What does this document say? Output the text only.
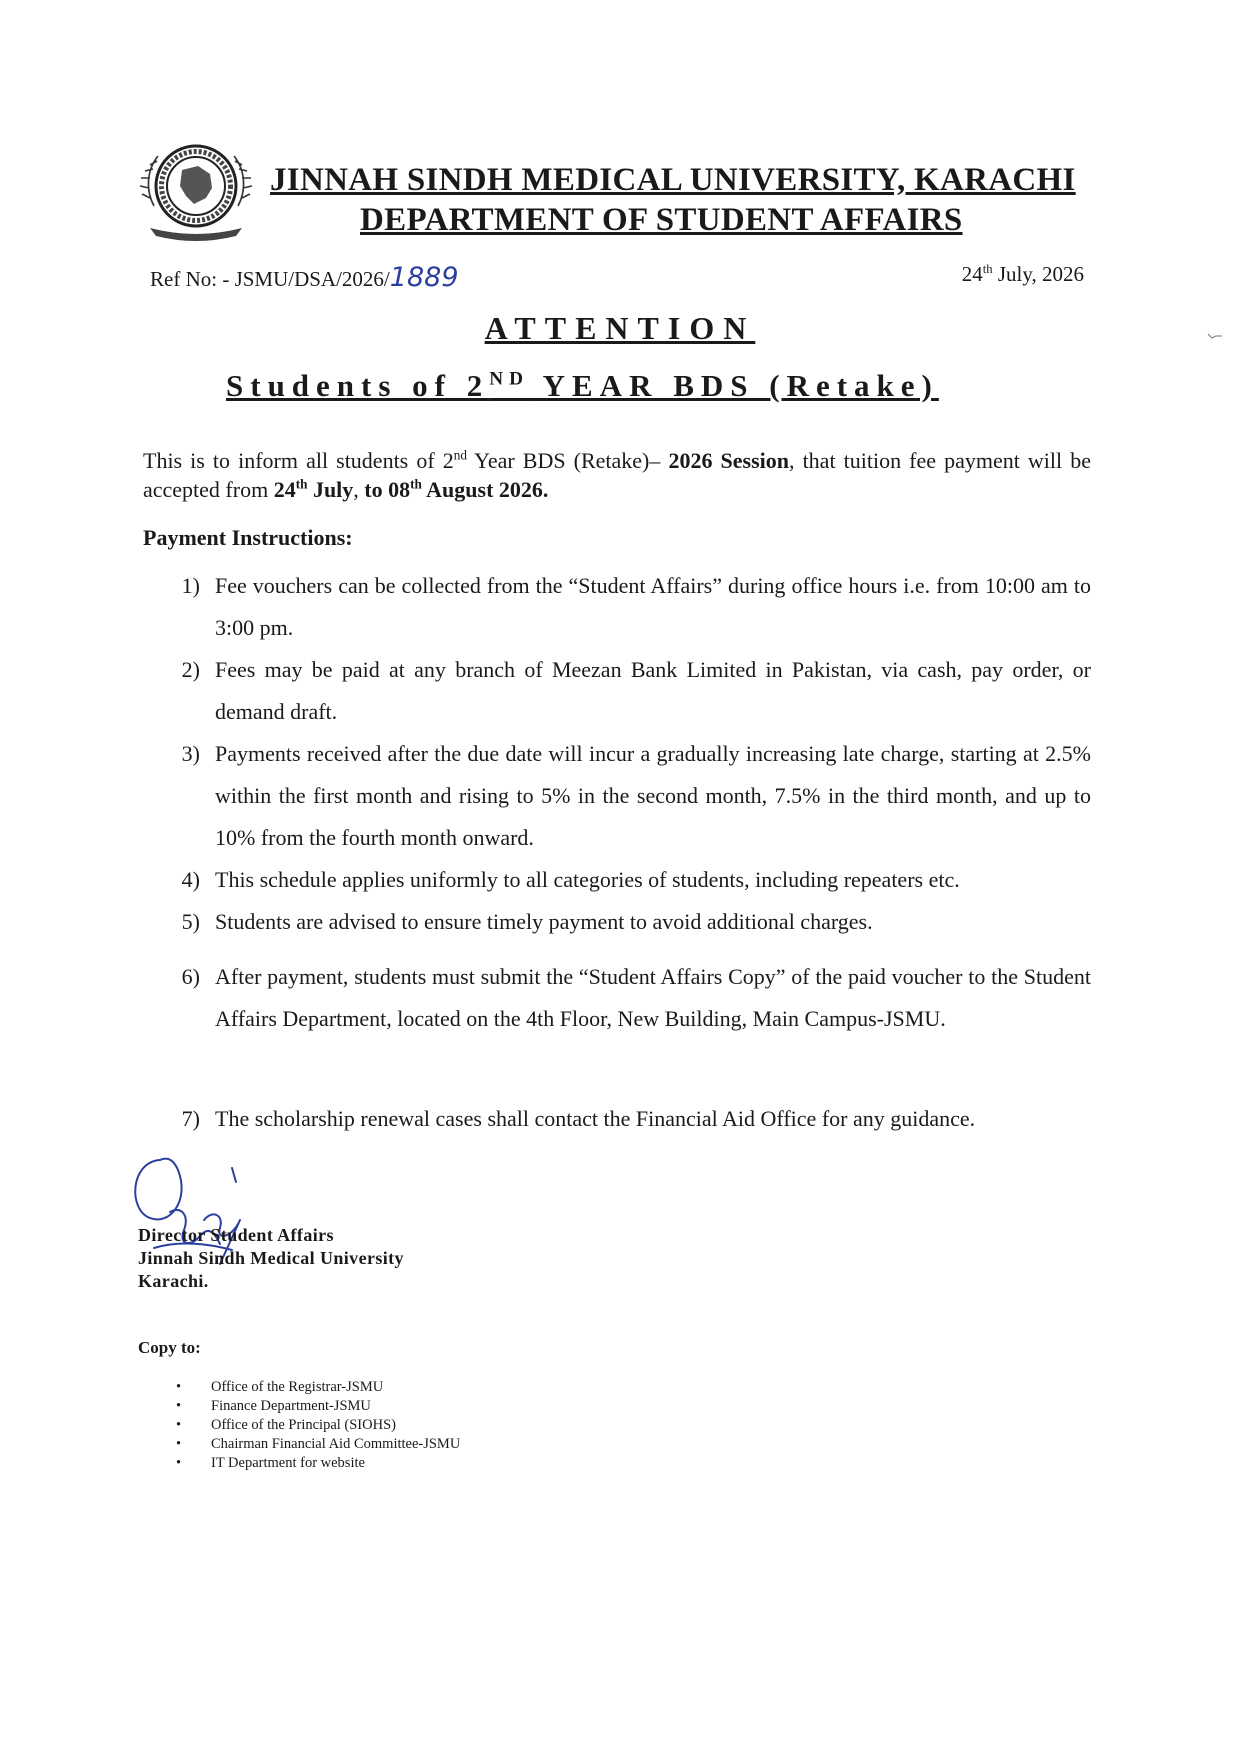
JINNAH SINDH MEDICAL UNIVERSITY, KARACHI
DEPARTMENT OF STUDENT AFFAIRS
Ref No: - JSMU/DSA/2026/1889	24th July, 2026
ATTENTION
Students of 2ND YEAR BDS (Retake)
This is to inform all students of 2nd Year BDS (Retake)– 2026 Session, that tuition fee payment will be accepted from 24th July, to 08th August 2026.
Payment Instructions:
1) Fee vouchers can be collected from the “Student Affairs” during office hours i.e. from 10:00 am to 3:00 pm.
2) Fees may be paid at any branch of Meezan Bank Limited in Pakistan, via cash, pay order, or demand draft.
3) Payments received after the due date will incur a gradually increasing late charge, starting at 2.5% within the first month and rising to 5% in the second month, 7.5% in the third month, and up to 10% from the fourth month onward.
4) This schedule applies uniformly to all categories of students, including repeaters etc.
5) Students are advised to ensure timely payment to avoid additional charges.
6) After payment, students must submit the “Student Affairs Copy” of the paid voucher to the Student Affairs Department, located on the 4th Floor, New Building, Main Campus-JSMU.
7) The scholarship renewal cases shall contact the Financial Aid Office for any guidance.
Director Student Affairs
Jinnah Sindh Medical University
Karachi.
Copy to:
• Office of the Registrar-JSMU
• Finance Department-JSMU
• Office of the Principal (SIOHS)
• Chairman Financial Aid Committee-JSMU
• IT Department for website
